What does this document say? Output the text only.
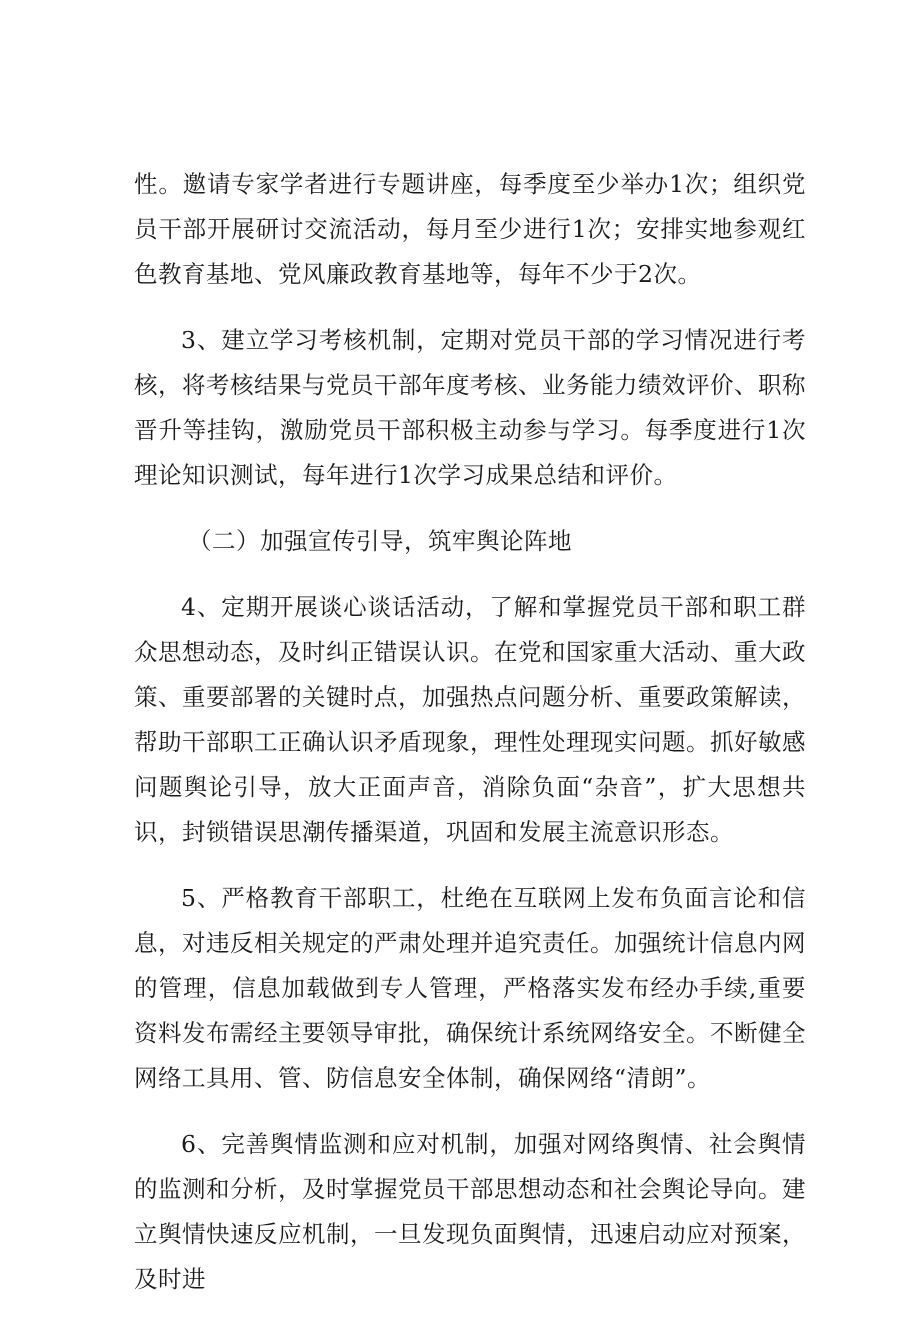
性。邀请专家学者进行专题讲座，每季度至少举办1次；组织党员干部开展研讨交流活动，每月至少进行1次；安排实地参观红色教育基地、党风廉政教育基地等，每年不少于2次。

3、建立学习考核机制，定期对党员干部的学习情况进行考核，将考核结果与党员干部年度考核、业务能力绩效评价、职称晋升等挂钩，激励党员干部积极主动参与学习。每季度进行1次理论知识测试，每年进行1次学习成果总结和评价。

（二）加强宣传引导，筑牢舆论阵地

4、定期开展谈心谈话活动，了解和掌握党员干部和职工群众思想动态，及时纠正错误认识。在党和国家重大活动、重大政策、重要部署的关键时点，加强热点问题分析、重要政策解读，帮助干部职工正确认识矛盾现象，理性处理现实问题。抓好敏感问题舆论引导，放大正面声音，消除负面“杂音”，扩大思想共识，封锁错误思潮传播渠道，巩固和发展主流意识形态。

5、严格教育干部职工，杜绝在互联网上发布负面言论和信息，对违反相关规定的严肃处理并追究责任。加强统计信息内网的管理，信息加载做到专人管理，严格落实发布经办手续,重要资料发布需经主要领导审批，确保统计系统网络安全。不断健全网络工具用、管、防信息安全体制，确保网络“清朗”。

6、完善舆情监测和应对机制，加强对网络舆情、社会舆情的监测和分析，及时掌握党员干部思想动态和社会舆论导向。建立舆情快速反应机制，一旦发现负面舆情，迅速启动应对预案，及时进
